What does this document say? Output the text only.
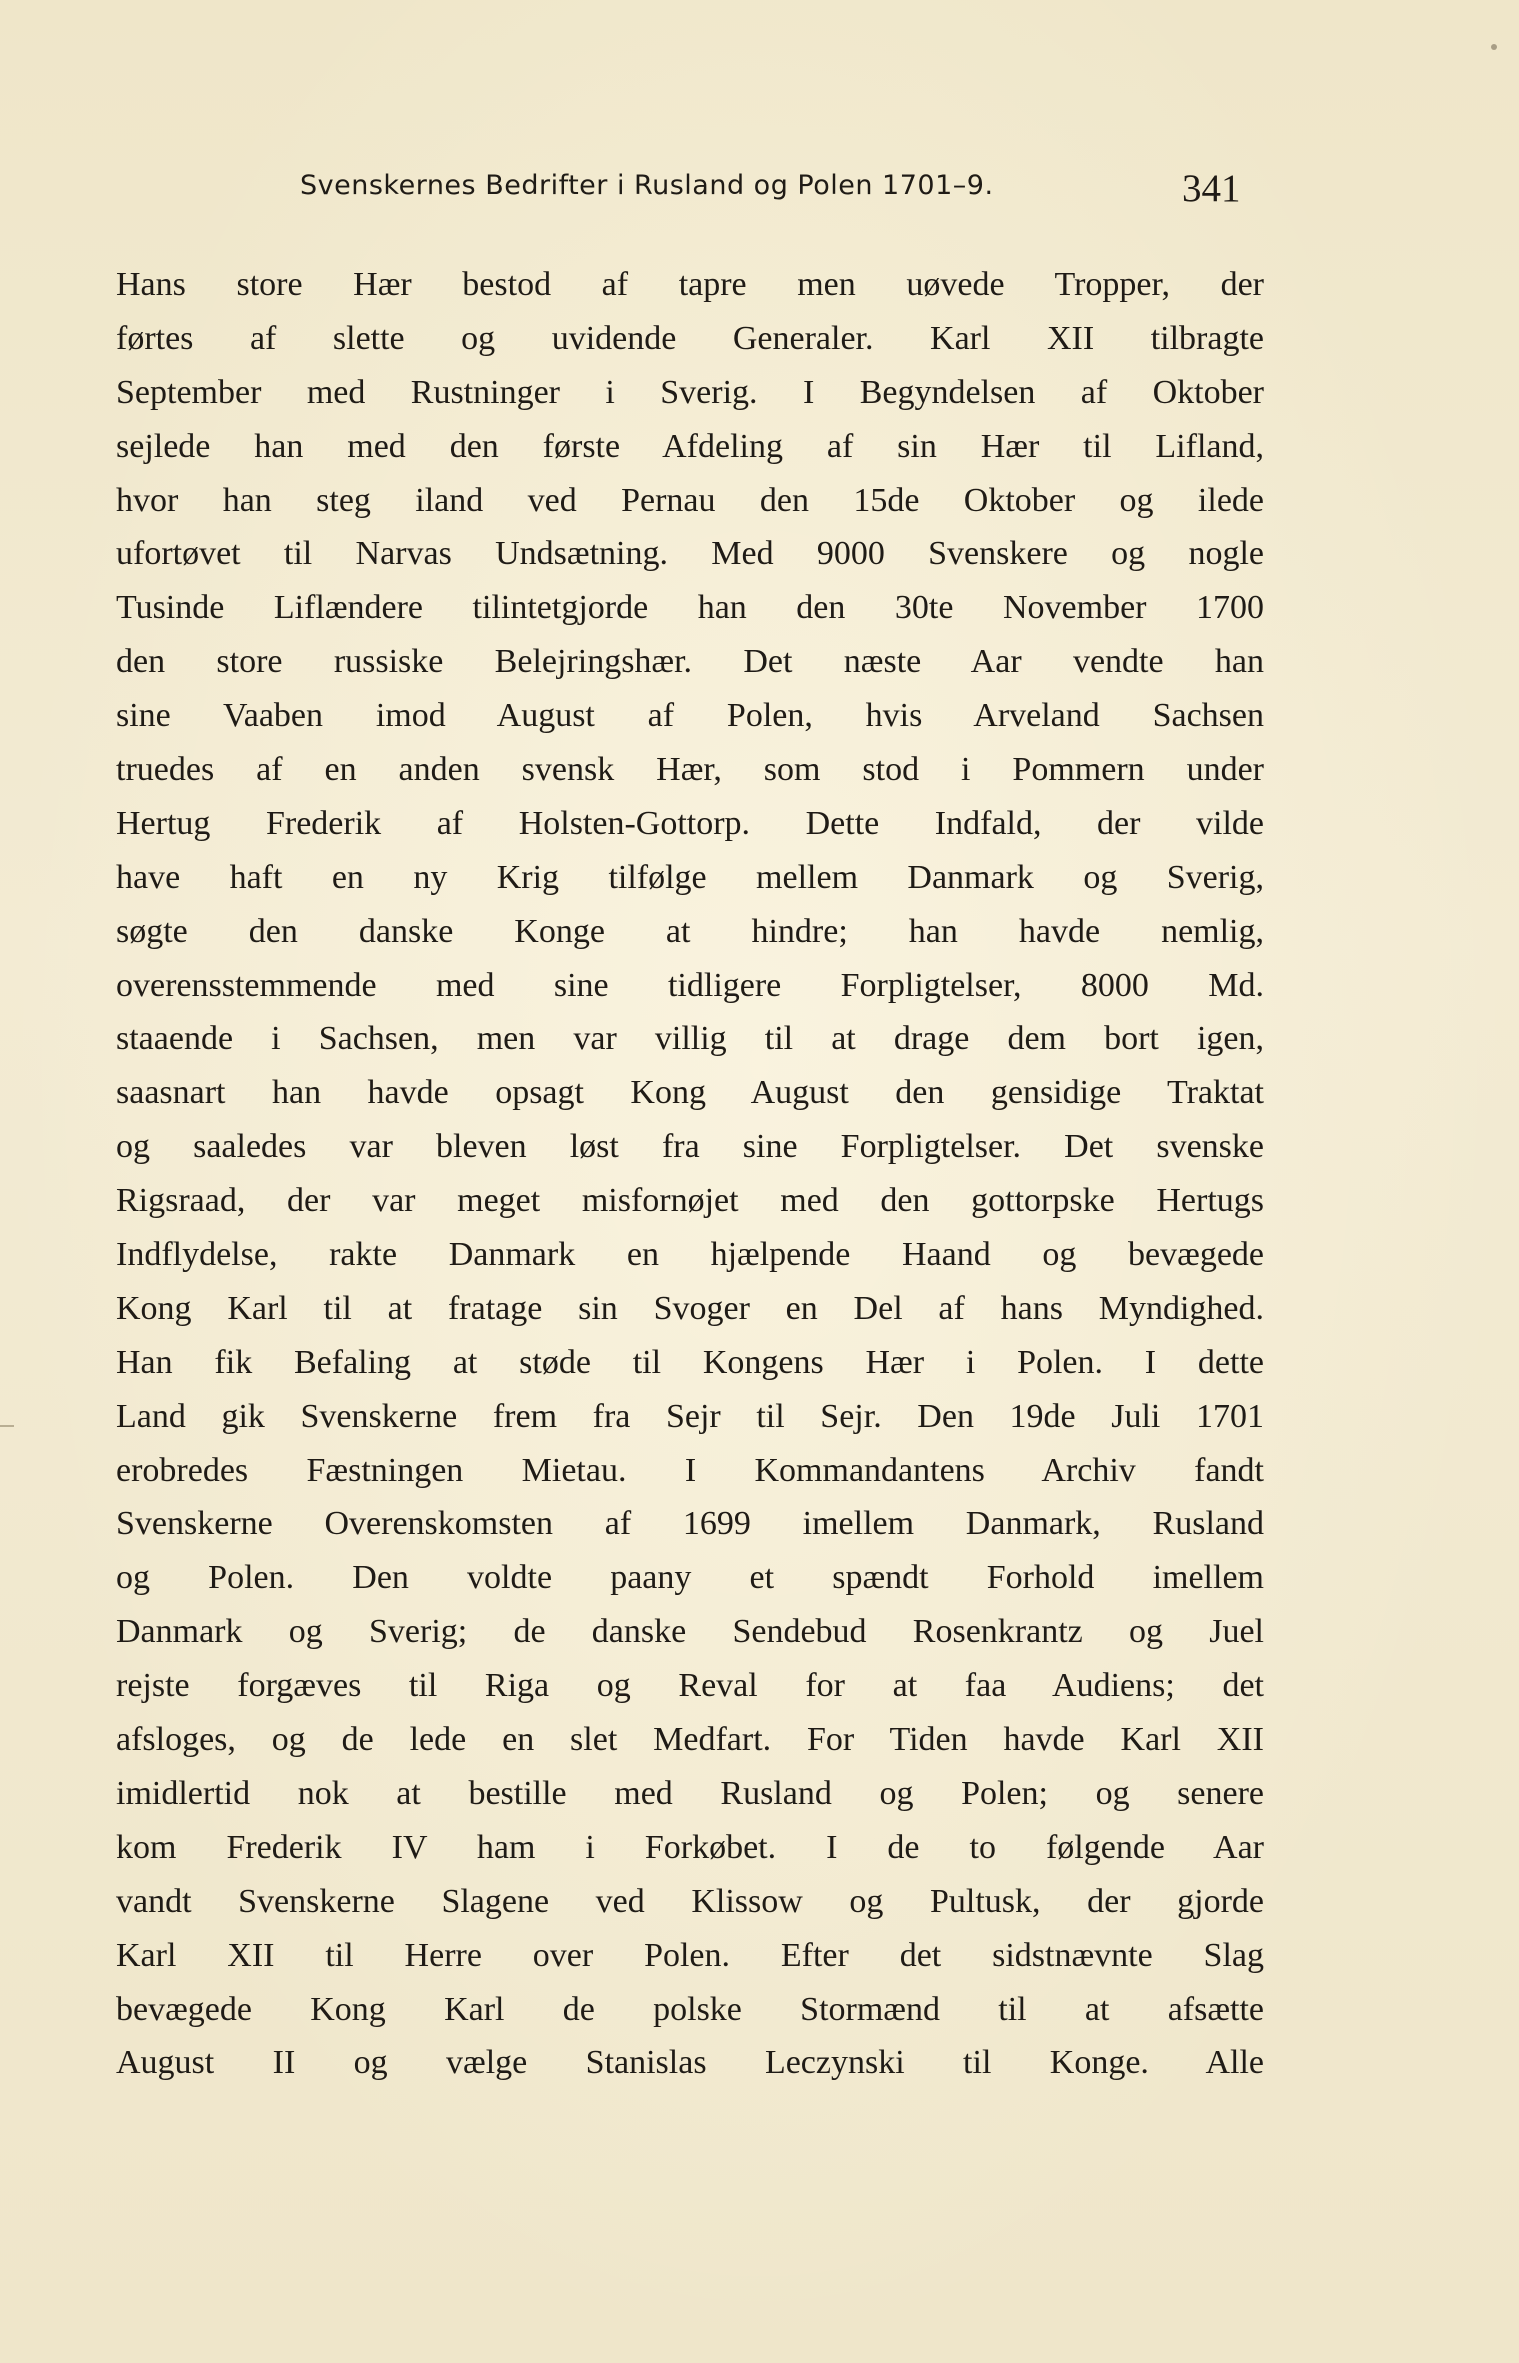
Svenskernes Bedrifter i Rusland og Polen 1701–9.	341
Hans store Hær bestod af tapre men uøvede Tropper, der
førtes af slette og uvidende Generaler. Karl XII tilbragte
September med Rustninger i Sverig. I Begyndelsen af Oktober
sejlede han med den første Afdeling af sin Hær til Lifland,
hvor han steg iland ved Pernau den 15de Oktober og ilede
ufortøvet til Narvas Undsætning. Med 9000 Svenskere og nogle
Tusinde Liflændere tilintetgjorde han den 30te November 1700
den store russiske Belejringshær. Det næste Aar vendte han
sine Vaaben imod August af Polen, hvis Arveland Sachsen
truedes af en anden svensk Hær, som stod i Pommern under
Hertug Frederik af Holsten-Gottorp. Dette Indfald, der vilde
have haft en ny Krig tilfølge mellem Danmark og Sverig,
søgte den danske Konge at hindre; han havde nemlig,
overensstemmende med sine tidligere Forpligtelser, 8000 Md.
staaende i Sachsen, men var villig til at drage dem bort igen,
saasnart han havde opsagt Kong August den gensidige Traktat
og saaledes var bleven løst fra sine Forpligtelser. Det svenske
Rigsraad, der var meget misfornøjet med den gottorpske Hertugs
Indflydelse, rakte Danmark en hjælpende Haand og bevægede
Kong Karl til at fratage sin Svoger en Del af hans Myndighed.
Han fik Befaling at støde til Kongens Hær i Polen. I dette
Land gik Svenskerne frem fra Sejr til Sejr. Den 19de Juli 1701
erobredes Fæstningen Mietau. I Kommandantens Archiv fandt
Svenskerne Overenskomsten af 1699 imellem Danmark, Rusland
og Polen. Den voldte paany et spændt Forhold imellem
Danmark og Sverig; de danske Sendebud Rosenkrantz og Juel
rejste forgæves til Riga og Reval for at faa Audiens; det
afsloges, og de lede en slet Medfart. For Tiden havde Karl XII
imidlertid nok at bestille med Rusland og Polen; og senere
kom Frederik IV ham i Forkøbet. I de to følgende Aar
vandt Svenskerne Slagene ved Klissow og Pultusk, der gjorde
Karl XII til Herre over Polen. Efter det sidstnævnte Slag
bevægede Kong Karl de polske Stormænd til at afsætte
August II og vælge Stanislas Leczynski til Konge. Alle
